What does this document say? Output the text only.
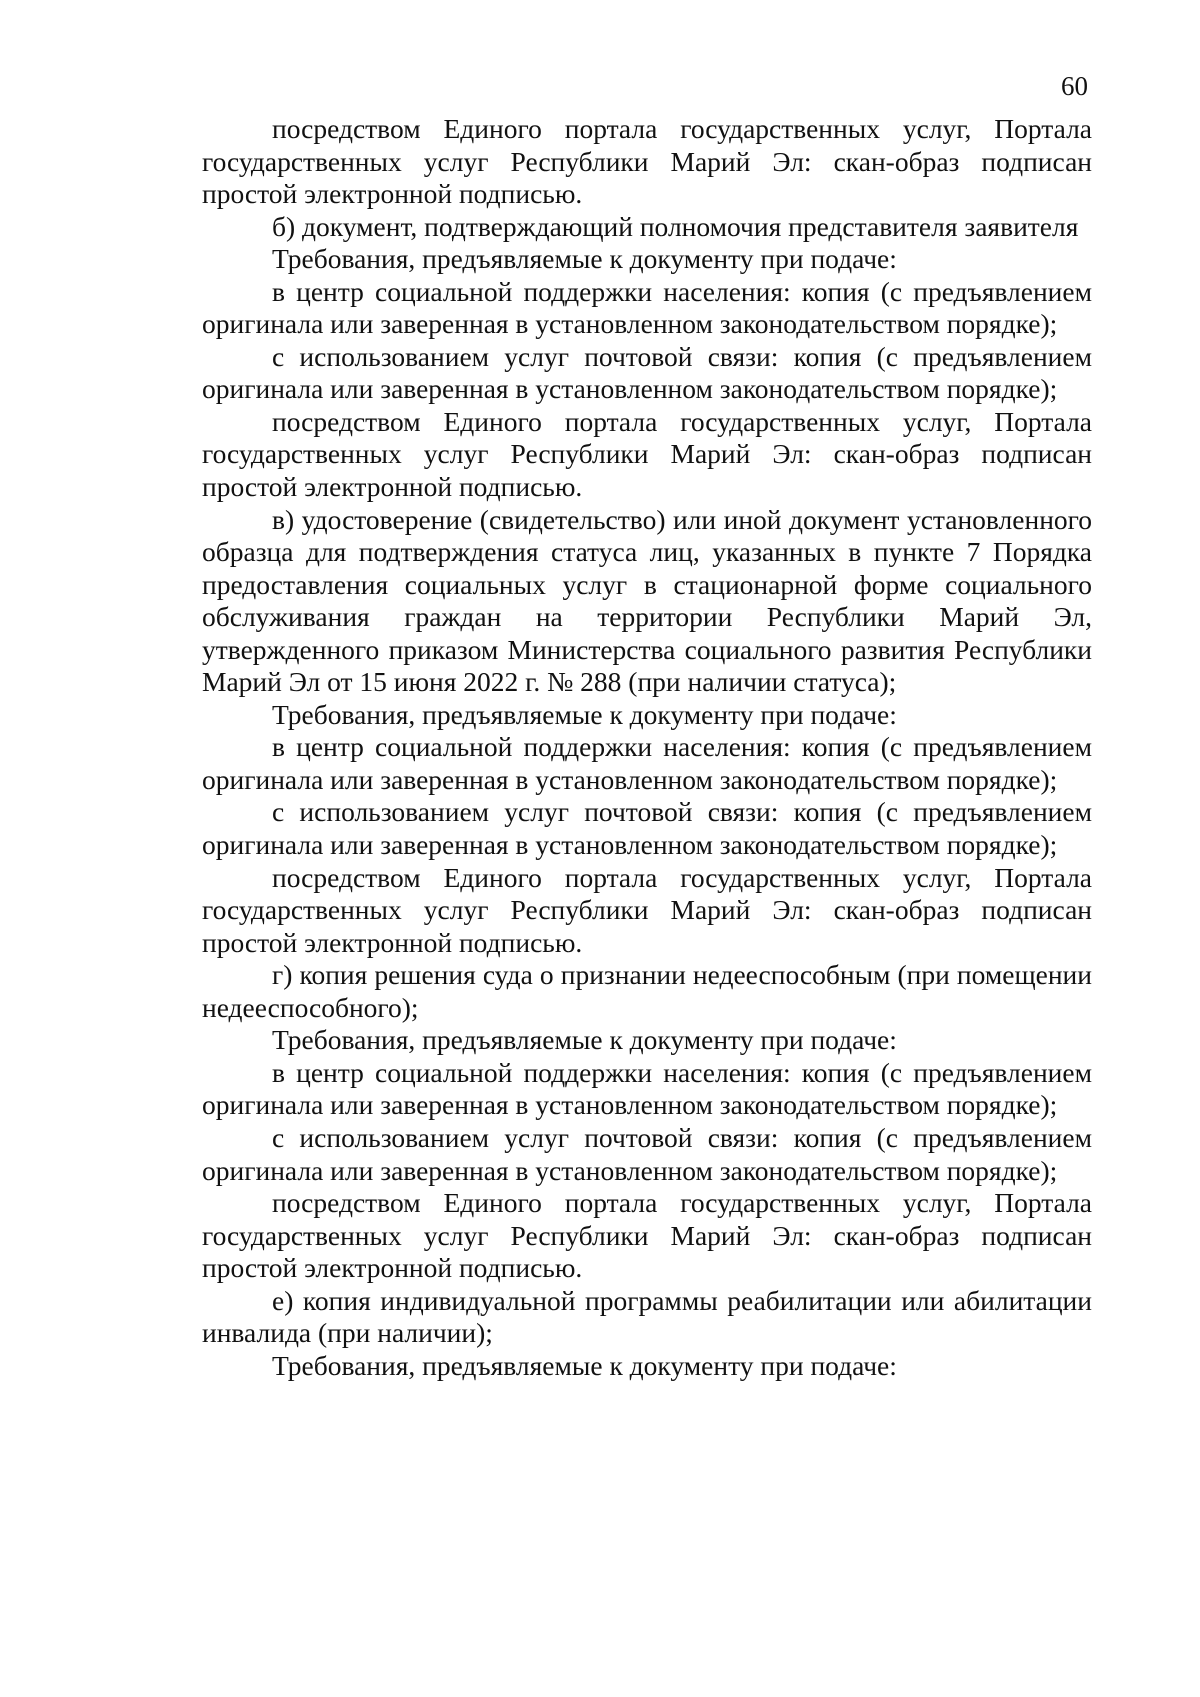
60

посредством Единого портала государственных услуг, Портала государственных услуг Республики Марий Эл: скан-образ подписан простой электронной подписью.

б) документ, подтверждающий полномочия представителя заявителя

Требования, предъявляемые к документу при подаче:

в центр социальной поддержки населения: копия (с предъявлением оригинала или заверенная в установленном законодательством порядке);

с использованием услуг почтовой связи: копия (с предъявлением оригинала или заверенная в установленном законодательством порядке);

посредством Единого портала государственных услуг, Портала государственных услуг Республики Марий Эл: скан-образ подписан простой электронной подписью.

в) удостоверение (свидетельство) или иной документ установленного образца для подтверждения статуса лиц, указанных в пункте 7 Порядка предоставления социальных услуг в стационарной форме социального обслуживания граждан на территории Республики Марий Эл, утвержденного приказом Министерства социального развития Республики Марий Эл от 15 июня 2022 г. № 288 (при наличии статуса);

Требования, предъявляемые к документу при подаче:

в центр социальной поддержки населения: копия (с предъявлением оригинала или заверенная в установленном законодательством порядке);

с использованием услуг почтовой связи: копия (с предъявлением оригинала или заверенная в установленном законодательством порядке);

посредством Единого портала государственных услуг, Портала государственных услуг Республики Марий Эл: скан-образ подписан простой электронной подписью.

г) копия решения суда о признании недееспособным (при помещении недееспособного);

Требования, предъявляемые к документу при подаче:

в центр социальной поддержки населения: копия (с предъявлением оригинала или заверенная в установленном законодательством порядке);

с использованием услуг почтовой связи: копия (с предъявлением оригинала или заверенная в установленном законодательством порядке);

посредством Единого портала государственных услуг, Портала государственных услуг Республики Марий Эл: скан-образ подписан простой электронной подписью.

е) копия индивидуальной программы реабилитации или абилитации инвалида (при наличии);

Требования, предъявляемые к документу при подаче:
